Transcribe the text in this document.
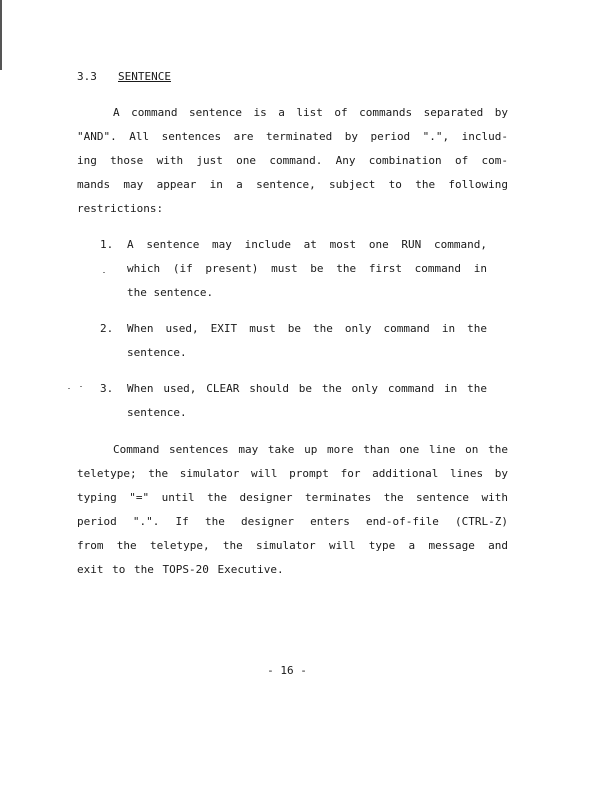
3.3 SENTENCE
A command sentence is a list of commands separated by
"AND". All sentences are terminated by period ".", includ-
ing those with just one command. Any combination of com-
mands may appear in a sentence, subject to the following
restrictions:
1. A sentence may include at most one RUN command,
which (if present) must be the first command in
the sentence.
2. When used, EXIT must be the only command in the
sentence.
3. When used, CLEAR should be the only command in the
sentence.
Command sentences may take up more than one line on the
teletype; the simulator will prompt for additional lines by
typing "=" until the designer terminates the sentence with
period ".". If the designer enters end-of-file (CTRL-Z)
from the teletype, the simulator will type a message and
exit to the TOPS-20 Executive.
- 16 -
